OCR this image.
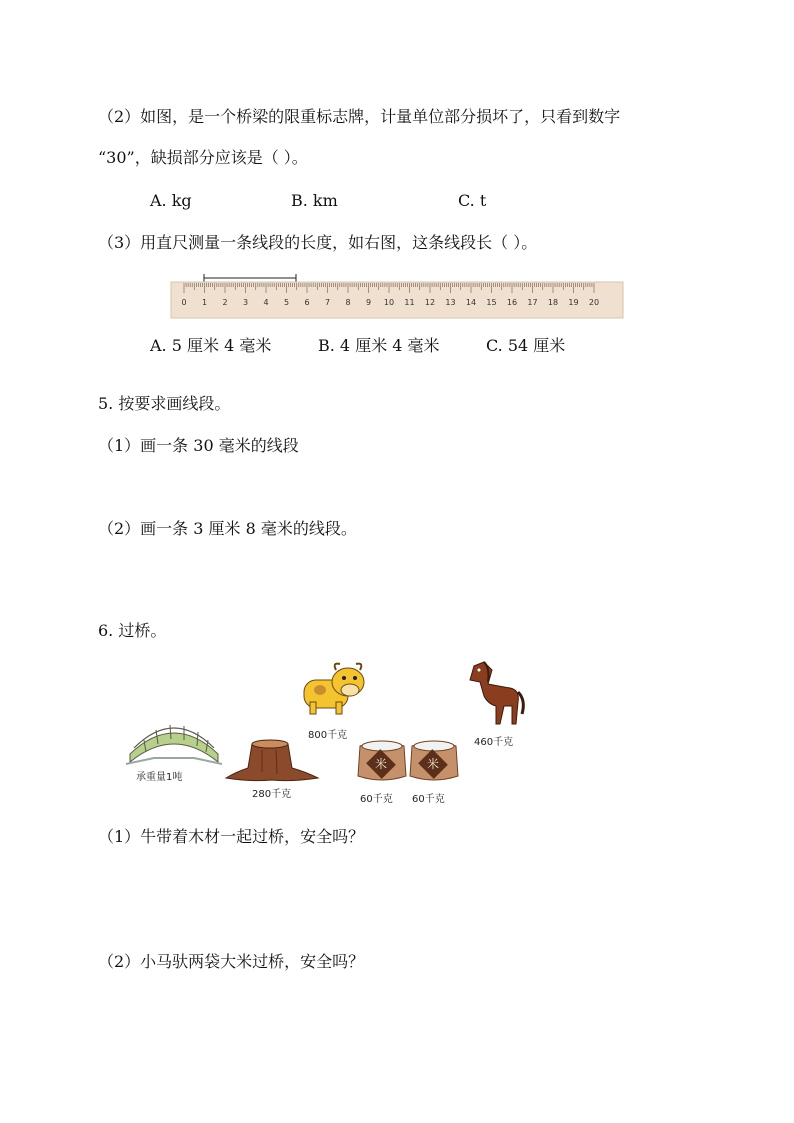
（2）如图，是一个桥梁的限重标志牌，计量单位部分损坏了，只看到数字
“30”，缺损部分应该是（ ）。
A. kg	B. km	C. t
（3）用直尺测量一条线段的长度，如右图，这条线段长（ ）。
0 1 2 3 4 5 6 7 8 9 10 11 12 13 14 15 16 17 18 19 20
A. 5 厘米 4 毫米	B. 4 厘米 4 毫米	C. 54 厘米
5. 按要求画线段。
（1）画一条 30 毫米的线段
（2）画一条 3 厘米 8 毫米的线段。
6. 过桥。
承重量1吨
280千克
800千克
米
60千克
米
60千克
460千克
（1）牛带着木材一起过桥，安全吗？
（2）小马驮两袋大米过桥，安全吗？
